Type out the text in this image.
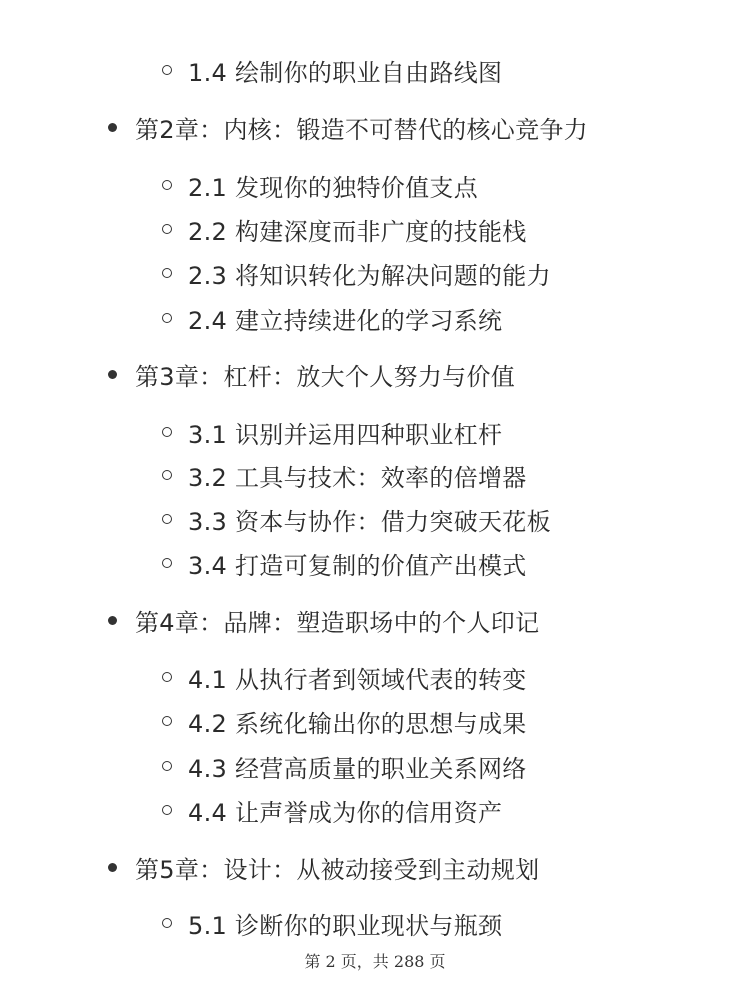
1.4 绘制你的职业自由路线图
第2章：内核：锻造不可替代的核心竞争力
2.1 发现你的独特价值支点
2.2 构建深度而非广度的技能栈
2.3 将知识转化为解决问题的能力
2.4 建立持续进化的学习系统
第3章：杠杆：放大个人努力与价值
3.1 识别并运用四种职业杠杆
3.2 工具与技术：效率的倍增器
3.3 资本与协作：借力突破天花板
3.4 打造可复制的价值产出模式
第4章：品牌：塑造职场中的个人印记
4.1 从执行者到领域代表的转变
4.2 系统化输出你的思想与成果
4.3 经营高质量的职业关系网络
4.4 让声誉成为你的信用资产
第5章：设计：从被动接受到主动规划
5.1 诊断你的职业现状与瓶颈
第 2 页，共 288 页
